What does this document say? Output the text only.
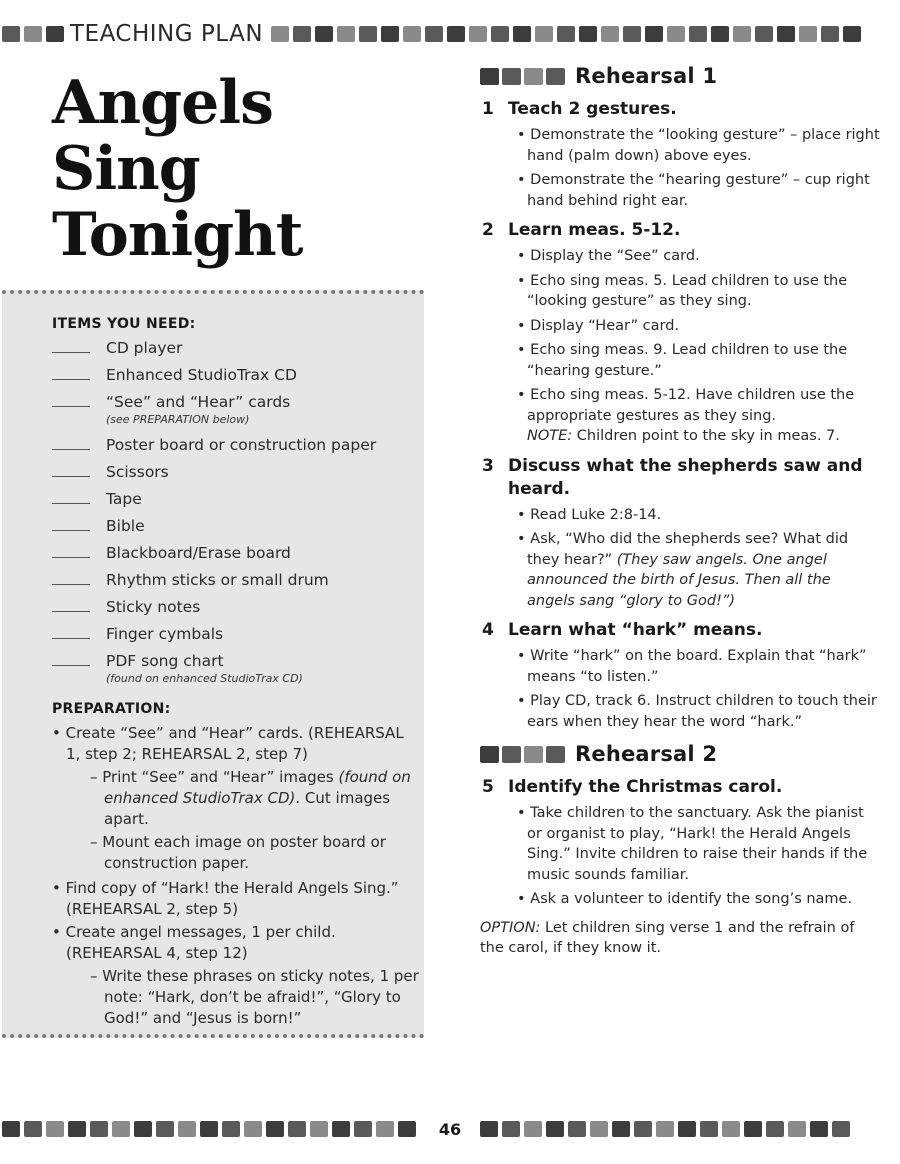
TEACHING PLAN
Angels
Sing
Tonight
ITEMS YOU NEED:
CD player
Enhanced StudioTrax CD
“See” and “Hear” cards
(see PREPARATION below)
Poster board or construction paper
Scissors
Tape
Bible
Blackboard/Erase board
Rhythm sticks or small drum
Sticky notes
Finger cymbals
PDF song chart
(found on enhanced StudioTrax CD)
PREPARATION:
• Create “See” and “Hear” cards. (REHEARSAL 1, step 2; REHEARSAL 2, step 7)
– Print “See” and “Hear” images (found on enhanced StudioTrax CD). Cut images apart.
– Mount each image on poster board or construction paper.
• Find copy of “Hark! the Herald Angels Sing.” (REHEARSAL 2, step 5)
• Create angel messages, 1 per child. (REHEARSAL 4, step 12)
– Write these phrases on sticky notes, 1 per note: “Hark, don’t be afraid!”, “Glory to God!” and “Jesus is born!”
Rehearsal 1
1 Teach 2 gestures.
• Demonstrate the “looking gesture” – place right hand (palm down) above eyes.
• Demonstrate the “hearing gesture” – cup right hand behind right ear.
2 Learn meas. 5-12.
• Display the “See” card.
• Echo sing meas. 5. Lead children to use the “looking gesture” as they sing.
• Display “Hear” card.
• Echo sing meas. 9. Lead children to use the “hearing gesture.”
• Echo sing meas. 5-12. Have children use the appropriate gestures as they sing.
NOTE: Children point to the sky in meas. 7.
3 Discuss what the shepherds saw and heard.
• Read Luke 2:8-14.
• Ask, “Who did the shepherds see? What did they hear?” (They saw angels. One angel announced the birth of Jesus. Then all the angels sang “glory to God!”)
4 Learn what “hark” means.
• Write “hark” on the board. Explain that “hark” means “to listen.”
• Play CD, track 6. Instruct children to touch their ears when they hear the word “hark.”
Rehearsal 2
5 Identify the Christmas carol.
• Take children to the sanctuary. Ask the pianist or organist to play, “Hark! the Herald Angels Sing.” Invite children to raise their hands if the music sounds familiar.
• Ask a volunteer to identify the song’s name.
OPTION: Let children sing verse 1 and the refrain of the carol, if they know it.
46
